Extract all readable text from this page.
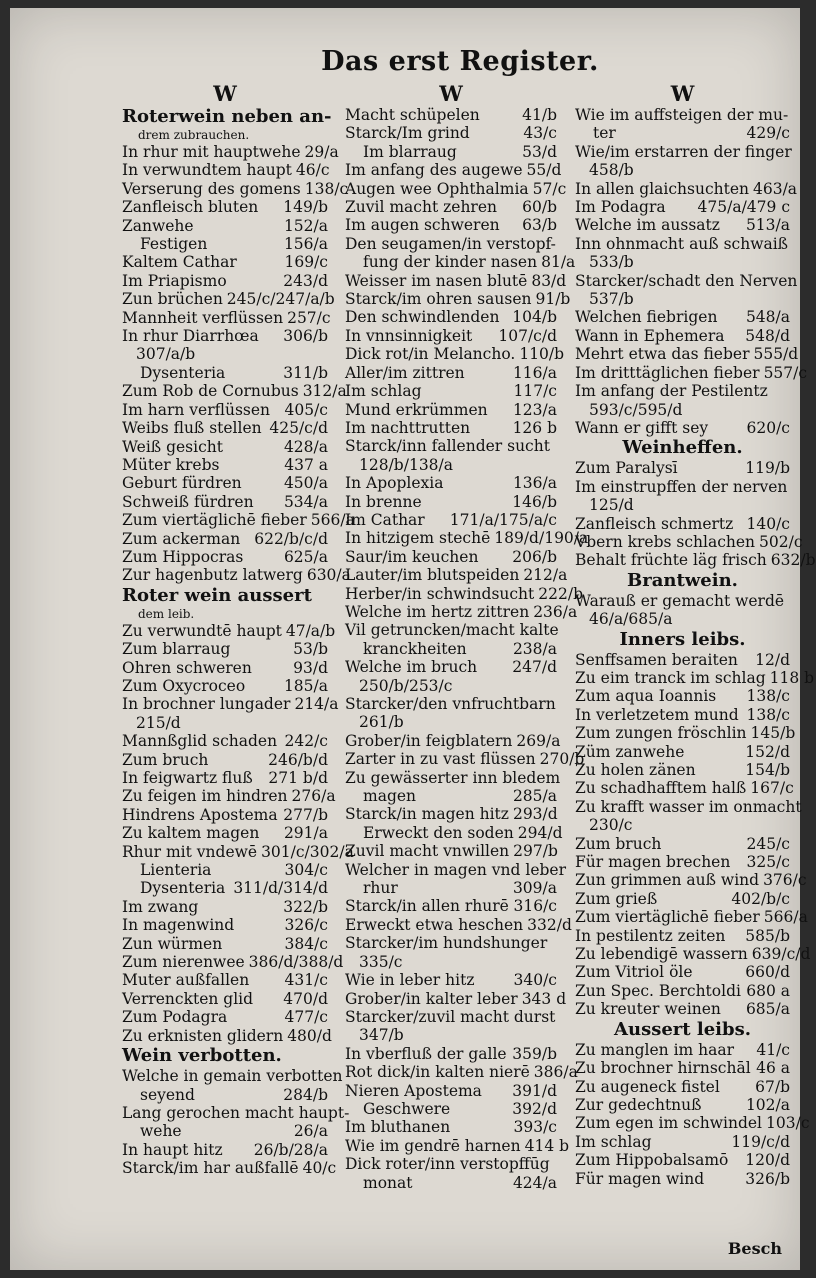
Das erst Register.
W
Roterwein neben an-
drem zubrauchen.
In rhur mit hauptwehe 29/a
In verwundtem haupt 46/c
Verserung des gomens 138/c
Zanfleisch bluten 149/b
Zanwehe	152/a
Festigen	156/a
Kaltem Cathar	169/c
Im Priapismo	243/d
Zun brüchen 245/c/247/a/b
Mannheit verflüssen 257/c
In rhur Diarrhœa 306/b
307/a/b
Dysenteria	311/b
Zum Rob de Cornubus 312/a
Im harn verflüssen 405/c
Weibs fluß stellen 425/c/d
Weiß gesicht	428/a
Müter krebs	437 a
Geburt fürdren	450/a
Schweiß fürdren 534/a
Zum viertäglichē fieber 566/a
Zum ackerman 622/b/c/d
Zum Hippocras	625/a
Zur hagenbutz latwerg 630/a
Roter wein aussert
dem leib.
Zu verwundtē haupt 47/a/b
Zum blarraug	53/b
Ohren schweren	93/d
Zum Oxycroceo 185/a
In brochner lungader 214/a
215/d
Mannßglid schaden 242/c
Zum bruch	246/b/d
In feigwartz fluß 271 b/d
Zu feigen im hindren 276/a
Hindrens Apostema 277/b
Zu kaltem magen 291/a
Rhur mit vndewē 301/c/302/a
Lienteria	304/c
Dysenteria 311/d/314/d
Im zwang	322/b
In magenwind	326/c
Zun würmen	384/c
Zum nierenwee 386/d/388/d
Muter außfallen 431/c
Verrenckten glid 470/d
Zum Podagra	477/c
Zu erknisten glidern 480/d
Wein verbotten.
Welche in gemain verbotten
seyend	284/b
Lang gerochen macht haupt-
wehe	26/a
In haupt hitz 26/b/28/a
Starck/im har außfallē 40/c
W
Macht schüpelen	41/b
Starck/Im grind	43/c
Im blarraug	53/d
Im anfang des augewe 55/d
Augen wee Ophthalmia 57/c
Zuvil macht zehren 60/b
Im augen schweren 63/b
Den seugamen/in verstopf-
fung der kinder nasen 81/a
Weisser im nasen blutē 83/d
Starck/im ohren sausen 91/b
Den schwindlenden 104/b
In vnnsinnigkeit 107/c/d
Dick rot/in Melancho. 110/b
Aller/im zittren	116/a
Im schlag	117/c
Mund erkrümmen 123/a
Im nachttrutten	126 b
Starck/inn fallender sucht
128/b/138/a
In Apoplexia	136/a
In brenne	146/b
Im Cathar 171/a/175/a/c
In hitzigem stechē 189/d/190/a
Saur/im keuchen 206/b
Lauter/im blutspeiden 212/a
Herber/in schwindsucht 222/b
Welche im hertz zittren 236/a
Vil getruncken/macht kalte
kranckheiten	238/a
Welche im bruch 247/d
250/b/253/c
Starcker/den vnfruchtbarn
261/b
Grober/in feigblatern 269/a
Zarter in zu vast flüssen 270/b
Zu gewässerter inn bledem
magen	285/a
Starck/in magen hitz 293/d
Erweckt den soden 294/d
Zuvil macht vnwillen 297/b
Welcher in magen vnd leber
rhur	309/a
Starck/in allen rhurē 316/c
Erweckt etwa heschen 332/d
Starcker/im hundshunger
335/c
Wie in leber hitz	340/c
Grober/in kalter leber 343 d
Starcker/zuvil macht durst
347/b
In vberfluß der galle 359/b
Rot dick/in kalten nierē 386/a
Nieren Apostema 391/d
Geschwere	392/d
Im bluthanen	393/c
Wie im gendrē harnen 414 b
Dick roter/inn verstopffūg
monat	424/a
W
Wie im auffsteigen der mu-
ter	429/c
Wie/im erstarren der finger
458/b
In allen glaichsuchten 463/a
Im Podagra 475/a/479 c
Welche im aussatz 513/a
Inn ohnmacht auß schwaiß
533/b
Starcker/schadt den Nerven
537/b
Welchen fiebrigen 548/a
Wann in Ephemera 548/d
Mehrt etwa das fieber 555/d
Im dritttäglichen fieber 557/c
Im anfang der Pestilentz
593/c/595/d
Wann er gifft sey 620/c
Weinheffen.
Zum Paralysī	119/b
Im einstrupffen der nerven
125/d
Zanfleisch schmertz 140/c
Vbern krebs schlachen 502/c
Behalt früchte läg frisch 632/b
Brantwein.
Warauß er gemacht werdē
46/a/685/a
Inners leibs.
Senffsamen beraiten 12/d
Zu eim tranck im schlag 118 b
Zum aqua Ioannis 138/c
In verletzetem mund 138/c
Zum zungen fröschlin 145/b
Züm zanwehe	152/d
Zu holen zänen	154/b
Zu schadhafftem halß 167/c
Zu krafft wasser im onmacht
230/c
Zum bruch	245/c
Für magen brechen 325/c
Zun grimmen auß wind 376/c
Zum grieß	402/b/c
Zum viertäglichē fieber 566/a
In pestilentz zeiten 585/b
Zu lebendigē wassern 639/c/d
Zum Vitriol öle	660/d
Zun Spec. Berchtoldi 680 a
Zu kreuter weinen 685/a
Aussert leibs.
Zu manglen im haar 41/c
Zu brochner hirnschāl 46 a
Zu augeneck fistel 67/b
Zur gedechtnuß	102/a
Zum egen im schwindel 103/c
Im schlag	119/c/d
Zum Hippobalsamō 120/d
Für magen wind	326/b
Besch
